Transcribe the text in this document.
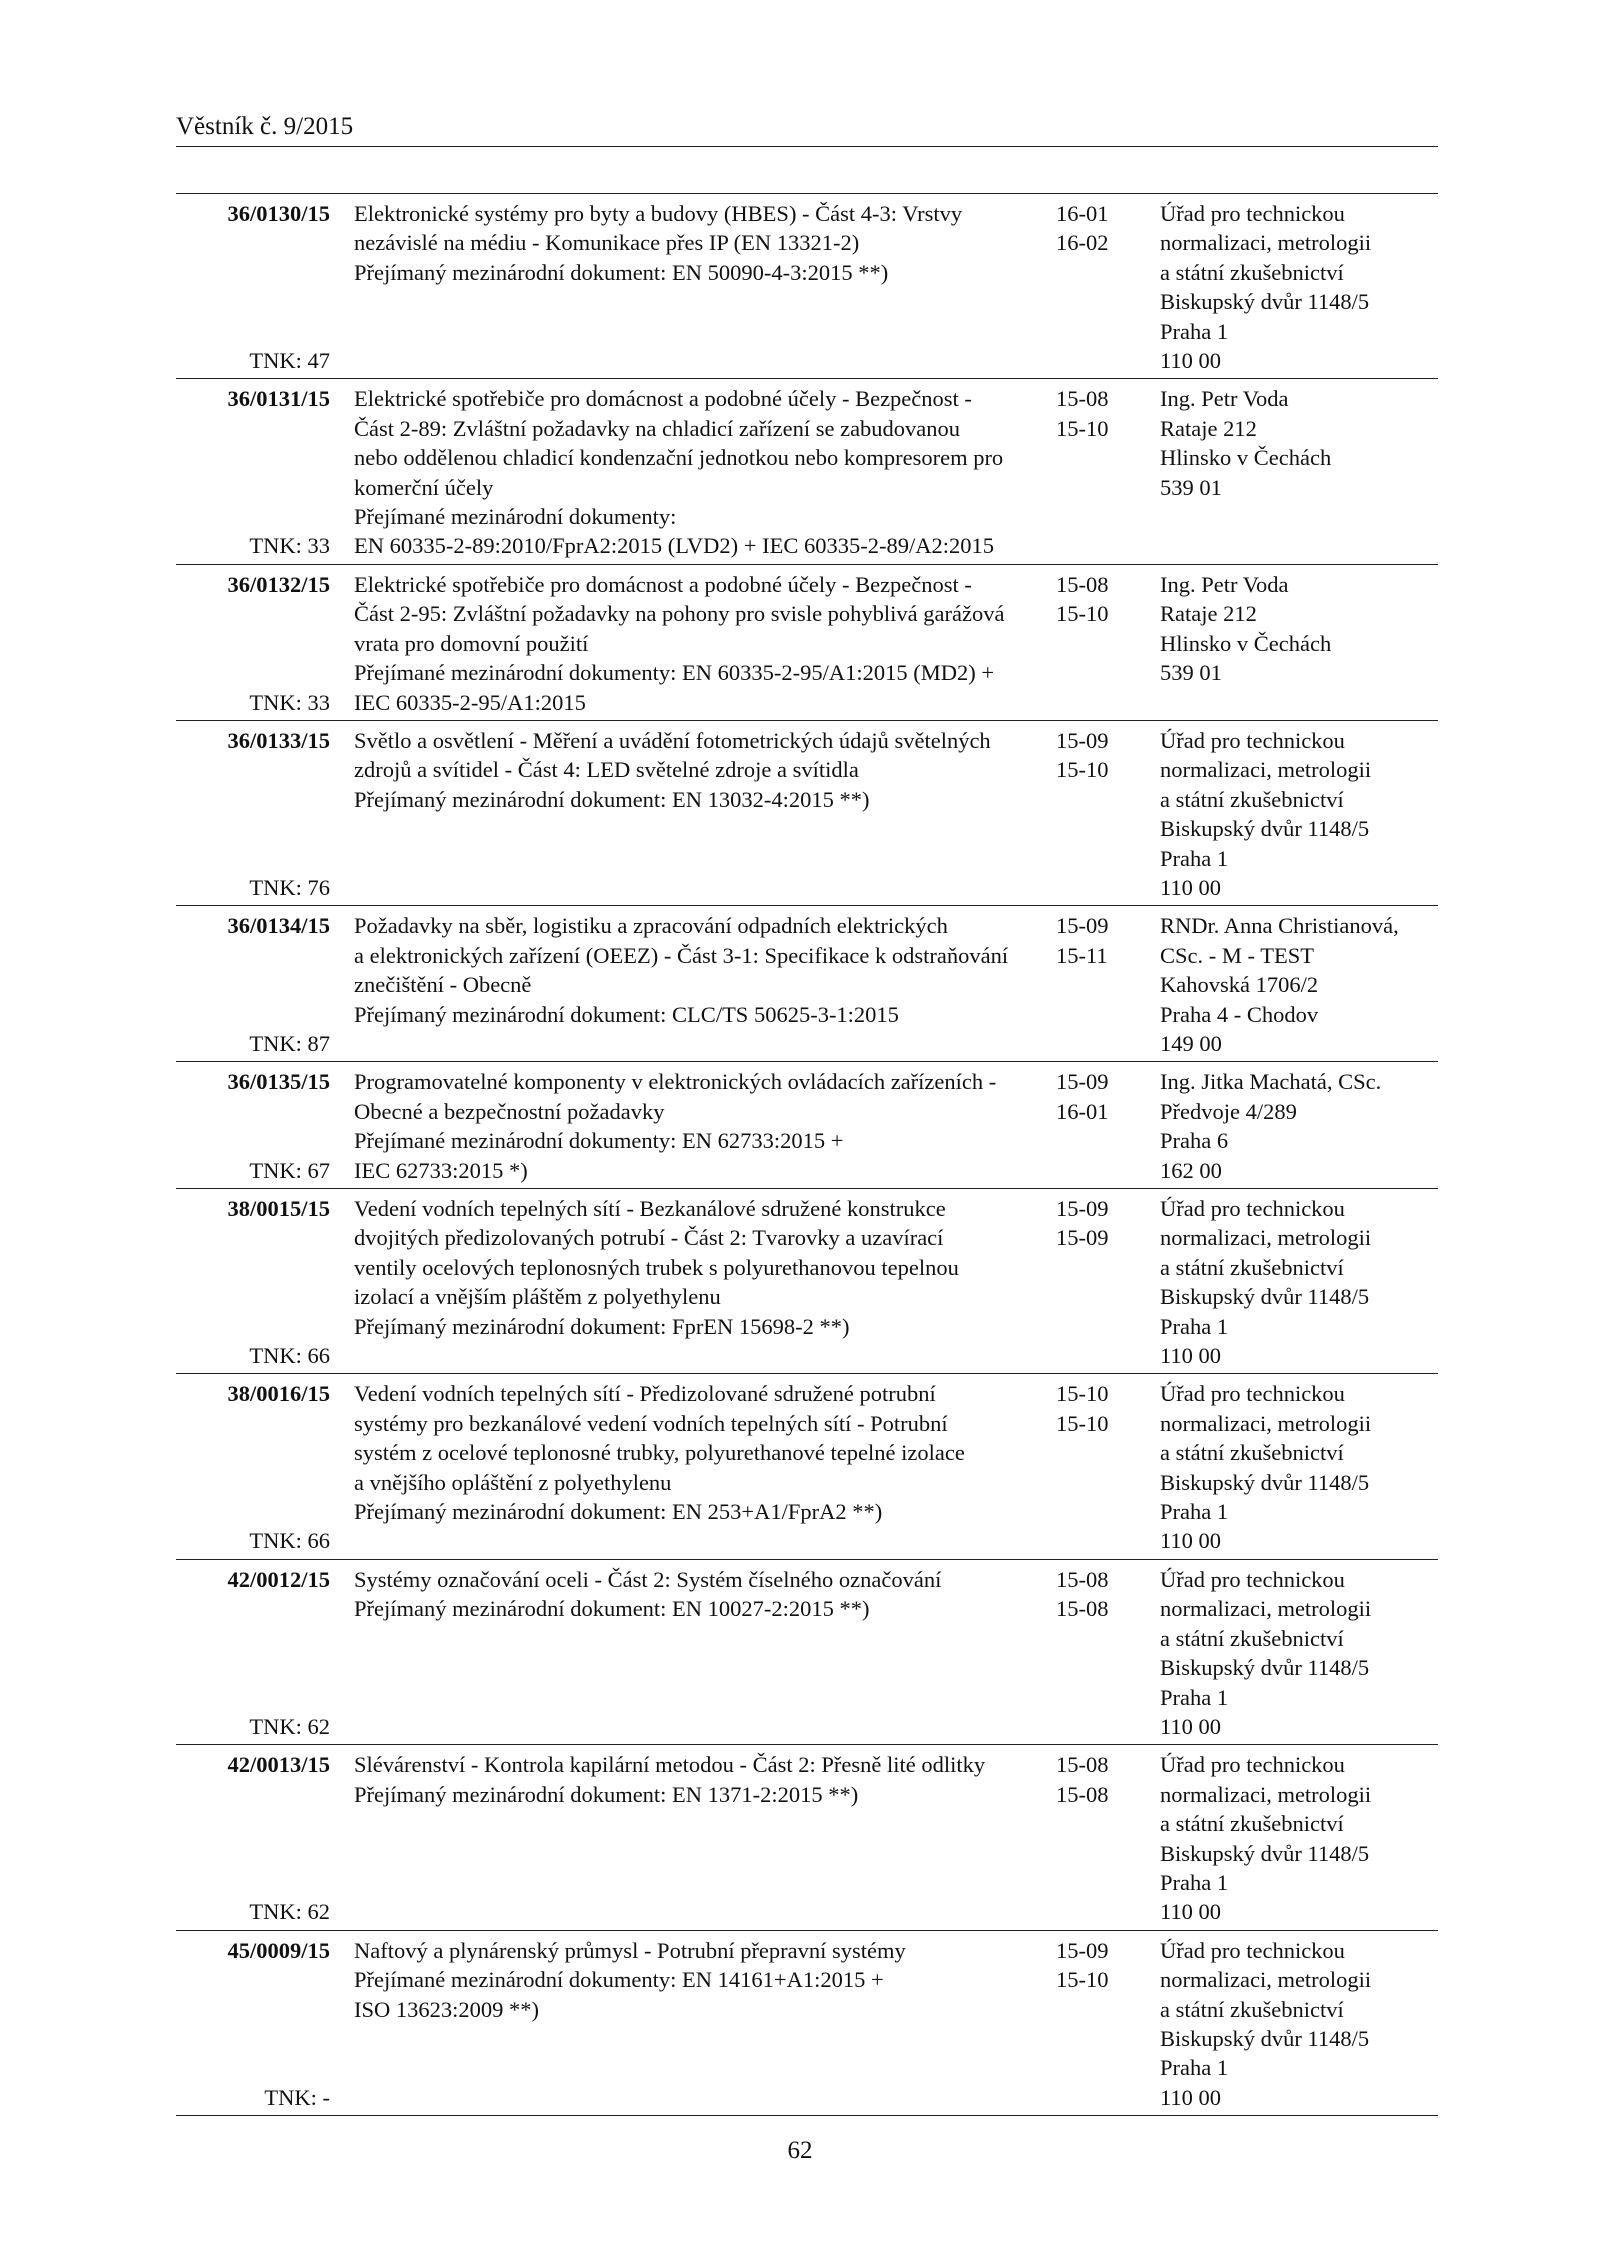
Věstník č. 9/2015
36/0130/15
TNK: 47
Elektronické systémy pro byty a budovy (HBES) - Část 4-3: Vrstvy
nezávislé na médiu - Komunikace přes IP (EN 13321-2)
Přejímaný mezinárodní dokument: EN 50090-4-3:2015 **)
16-01
16-02
Úřad pro technickou
normalizaci, metrologii
a státní zkušebnictví
Biskupský dvůr 1148/5
Praha 1
110 00
36/0131/15
TNK: 33
Elektrické spotřebiče pro domácnost a podobné účely - Bezpečnost -
Část 2-89: Zvláštní požadavky na chladicí zařízení se zabudovanou
nebo oddělenou chladicí kondenzační jednotkou nebo kompresorem pro
komerční účely
Přejímané mezinárodní dokumenty:
EN 60335-2-89:2010/FprA2:2015 (LVD2) + IEC 60335-2-89/A2:2015
15-08
15-10
Ing. Petr Voda
Rataje 212
Hlinsko v Čechách
539 01
36/0132/15
TNK: 33
Elektrické spotřebiče pro domácnost a podobné účely - Bezpečnost -
Část 2-95: Zvláštní požadavky na pohony pro svisle pohyblivá garážová
vrata pro domovní použití
Přejímané mezinárodní dokumenty: EN 60335-2-95/A1:2015 (MD2) +
IEC 60335-2-95/A1:2015
15-08
15-10
Ing. Petr Voda
Rataje 212
Hlinsko v Čechách
539 01
36/0133/15
TNK: 76
Světlo a osvětlení - Měření a uvádění fotometrických údajů světelných
zdrojů a svítidel - Část 4: LED světelné zdroje a svítidla
Přejímaný mezinárodní dokument: EN 13032-4:2015 **)
15-09
15-10
Úřad pro technickou
normalizaci, metrologii
a státní zkušebnictví
Biskupský dvůr 1148/5
Praha 1
110 00
36/0134/15
TNK: 87
Požadavky na sběr, logistiku a zpracování odpadních elektrických
a elektronických zařízení (OEEZ) - Část 3-1: Specifikace k odstraňování
znečištění - Obecně
Přejímaný mezinárodní dokument: CLC/TS 50625-3-1:2015
15-09
15-11
RNDr. Anna Christianová,
CSc. - M - TEST
Kahovská 1706/2
Praha 4 - Chodov
149 00
36/0135/15
TNK: 67
Programovatelné komponenty v elektronických ovládacích zařízeních -
Obecné a bezpečnostní požadavky
Přejímané mezinárodní dokumenty: EN 62733:2015 +
IEC 62733:2015 *)
15-09
16-01
Ing. Jitka Machatá, CSc.
Předvoje 4/289
Praha 6
162 00
38/0015/15
TNK: 66
Vedení vodních tepelných sítí - Bezkanálové sdružené konstrukce
dvojitých předizolovaných potrubí - Část 2: Tvarovky a uzavírací
ventily ocelových teplonosných trubek s polyurethanovou tepelnou
izolací a vnějším pláštěm z polyethylenu
Přejímaný mezinárodní dokument: FprEN 15698-2 **)
15-09
15-09
Úřad pro technickou
normalizaci, metrologii
a státní zkušebnictví
Biskupský dvůr 1148/5
Praha 1
110 00
38/0016/15
TNK: 66
Vedení vodních tepelných sítí - Předizolované sdružené potrubní
systémy pro bezkanálové vedení vodních tepelných sítí - Potrubní
systém z ocelové teplonosné trubky, polyurethanové tepelné izolace
a vnějšího opláštění z polyethylenu
Přejímaný mezinárodní dokument: EN 253+A1/FprA2 **)
15-10
15-10
Úřad pro technickou
normalizaci, metrologii
a státní zkušebnictví
Biskupský dvůr 1148/5
Praha 1
110 00
42/0012/15
TNK: 62
Systémy označování oceli - Část 2: Systém číselného označování
Přejímaný mezinárodní dokument: EN 10027-2:2015 **)
15-08
15-08
Úřad pro technickou
normalizaci, metrologii
a státní zkušebnictví
Biskupský dvůr 1148/5
Praha 1
110 00
42/0013/15
TNK: 62
Slévárenství - Kontrola kapilární metodou - Část 2: Přesně lité odlitky
Přejímaný mezinárodní dokument: EN 1371-2:2015 **)
15-08
15-08
Úřad pro technickou
normalizaci, metrologii
a státní zkušebnictví
Biskupský dvůr 1148/5
Praha 1
110 00
45/0009/15
TNK: -
Naftový a plynárenský průmysl - Potrubní přepravní systémy
Přejímané mezinárodní dokumenty: EN 14161+A1:2015 +
ISO 13623:2009 **)
15-09
15-10
Úřad pro technickou
normalizaci, metrologii
a státní zkušebnictví
Biskupský dvůr 1148/5
Praha 1
110 00
62
